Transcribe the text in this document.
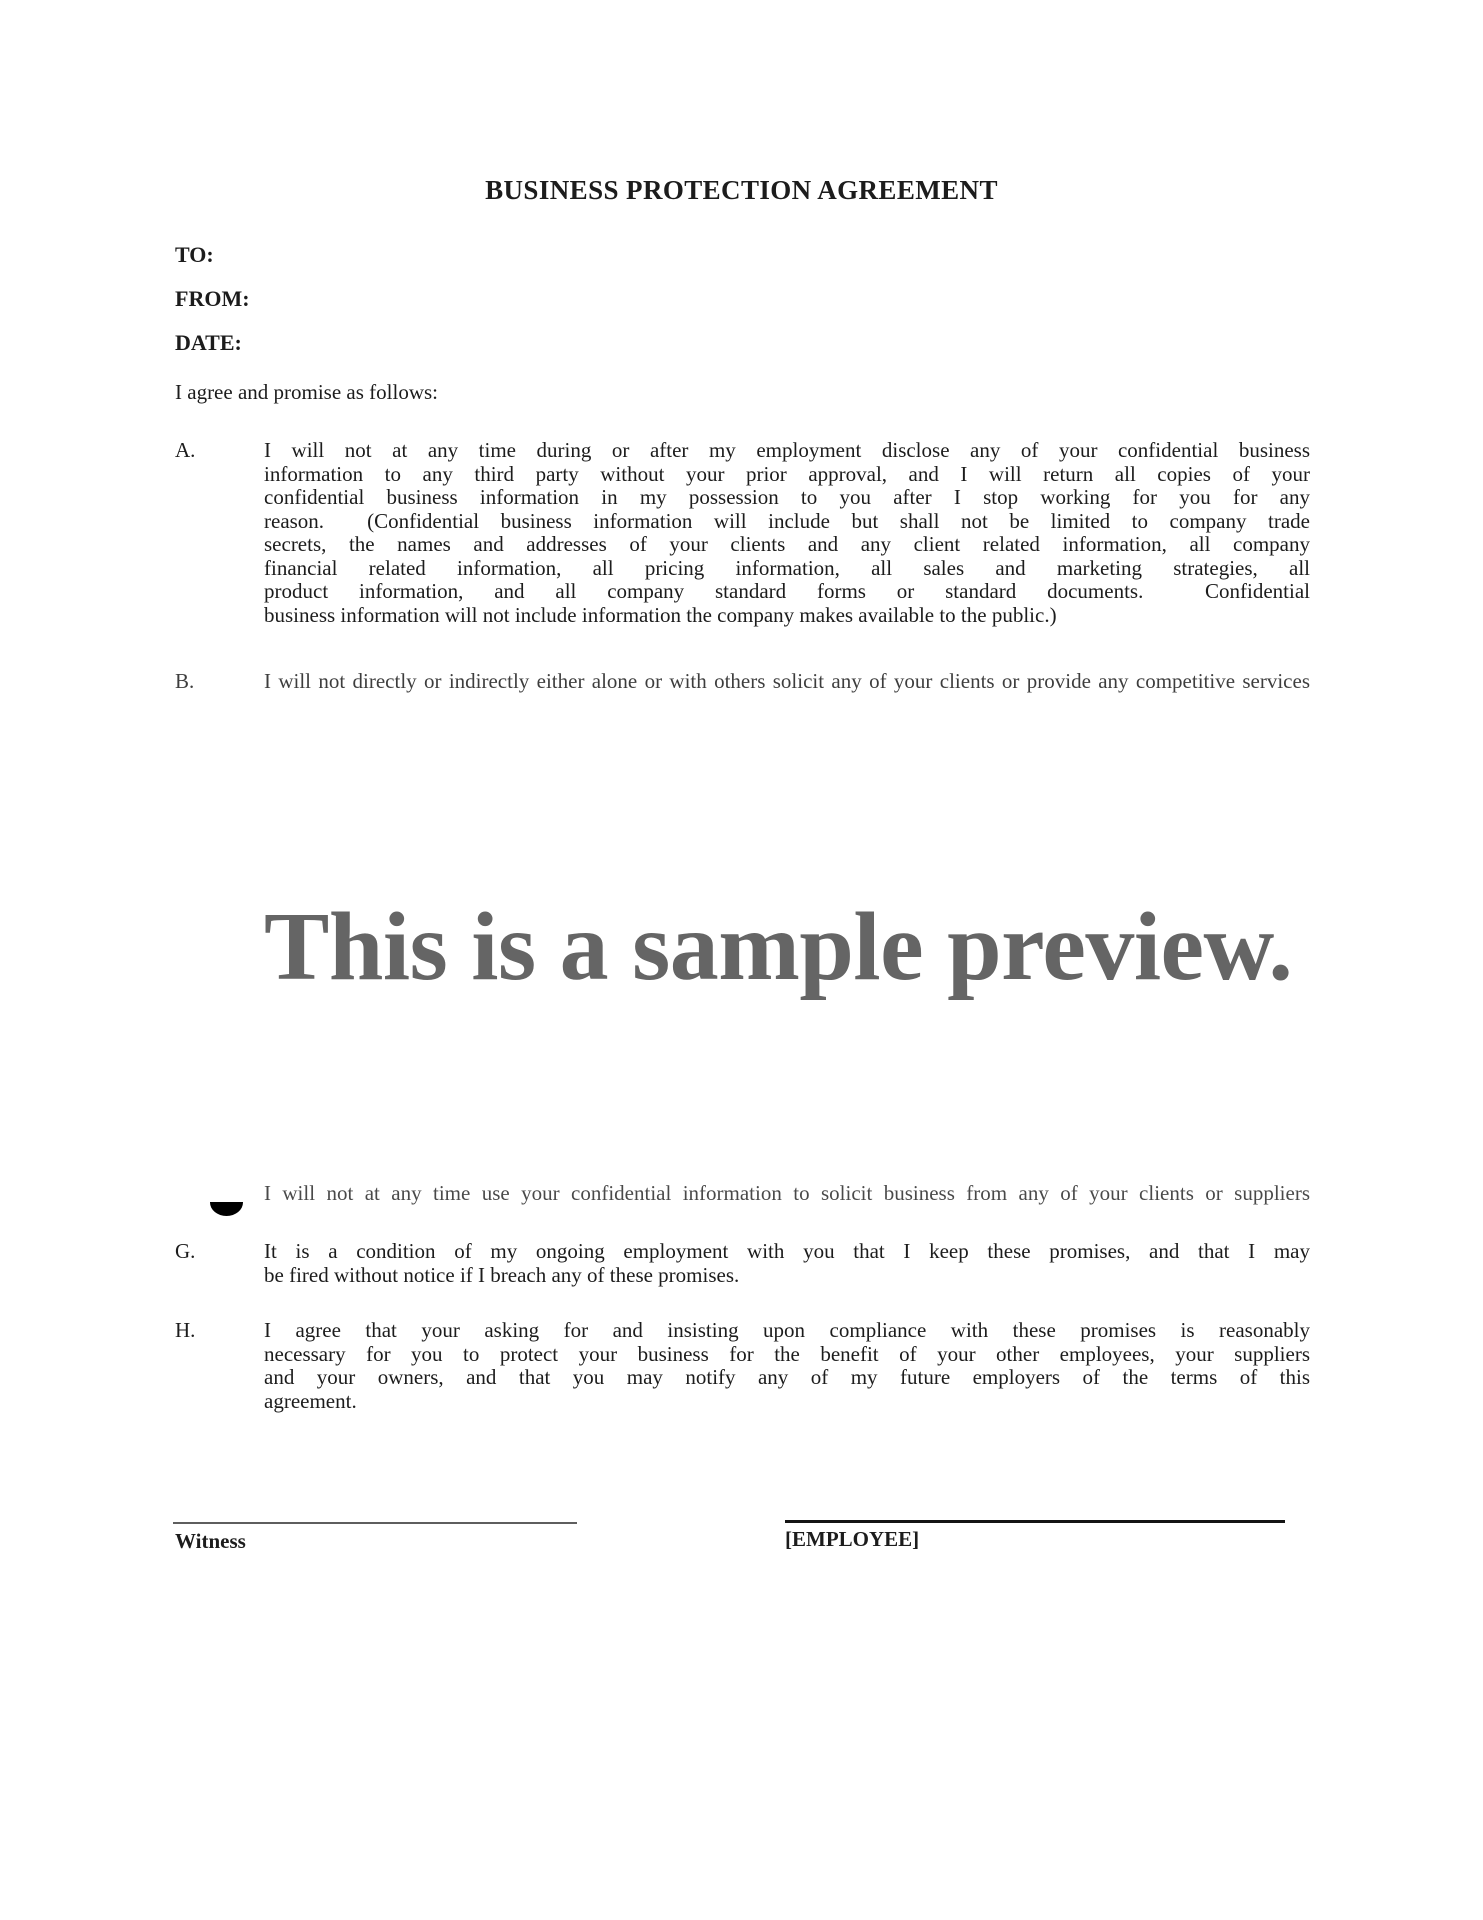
BUSINESS PROTECTION AGREEMENT
TO:
FROM:
DATE:
I agree and promise as follows:
A.	I will not at any time during or after my employment disclose any of your confidential business
information to any third party without your prior approval, and I will return all copies of your
confidential business information in my possession to you after I stop working for you for any
reason.  (Confidential business information will include but shall not be limited to company trade
secrets, the names and addresses of your clients and any client related information, all company
financial related information, all pricing information, all sales and marketing strategies, all
product information, and all company standard forms or standard documents.  Confidential
business information will not include information the company makes available to the public.)
B.	I will not directly or indirectly either alone or with others solicit any of your clients or provide any competitive services
This is a sample preview.
I will not at any time use your confidential information to solicit business from any of your clients or suppliers
G.	It is a condition of my ongoing employment with you that I keep these promises, and that I may
be fired without notice if I breach any of these promises.
H.	I agree that your asking for and insisting upon compliance with these promises is reasonably
necessary for you to protect your business for the benefit of your other employees, your suppliers
and your owners, and that you may notify any of my future employers of the terms of this
agreement.
Witness	[EMPLOYEE]
